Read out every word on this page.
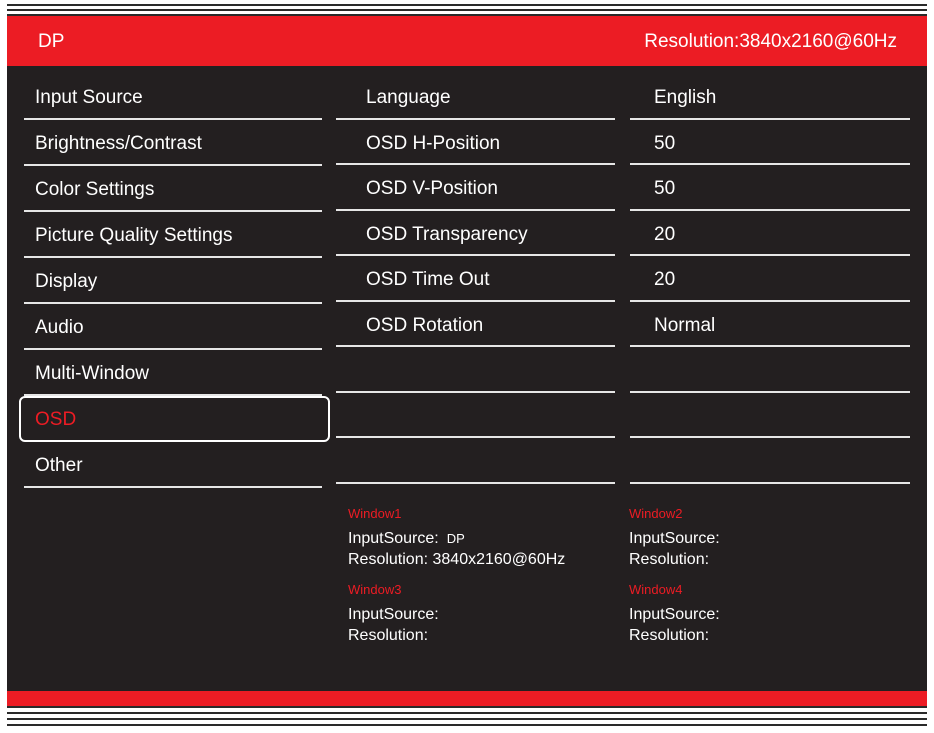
DP	Resolution:3840x2160@60Hz
Input Source
Brightness/Contrast
Color Settings
Picture Quality Settings
Display
Audio
Multi-Window
OSD
Other
Language
OSD H-Position
OSD V-Position
OSD Transparency
OSD Time Out
OSD Rotation
English
50
50
20
20
Normal
Window1
InputSource: DP
Resolution: 3840x2160@60Hz
Window2
InputSource:
Resolution:
Window3
InputSource:
Resolution:
Window4
InputSource:
Resolution:
